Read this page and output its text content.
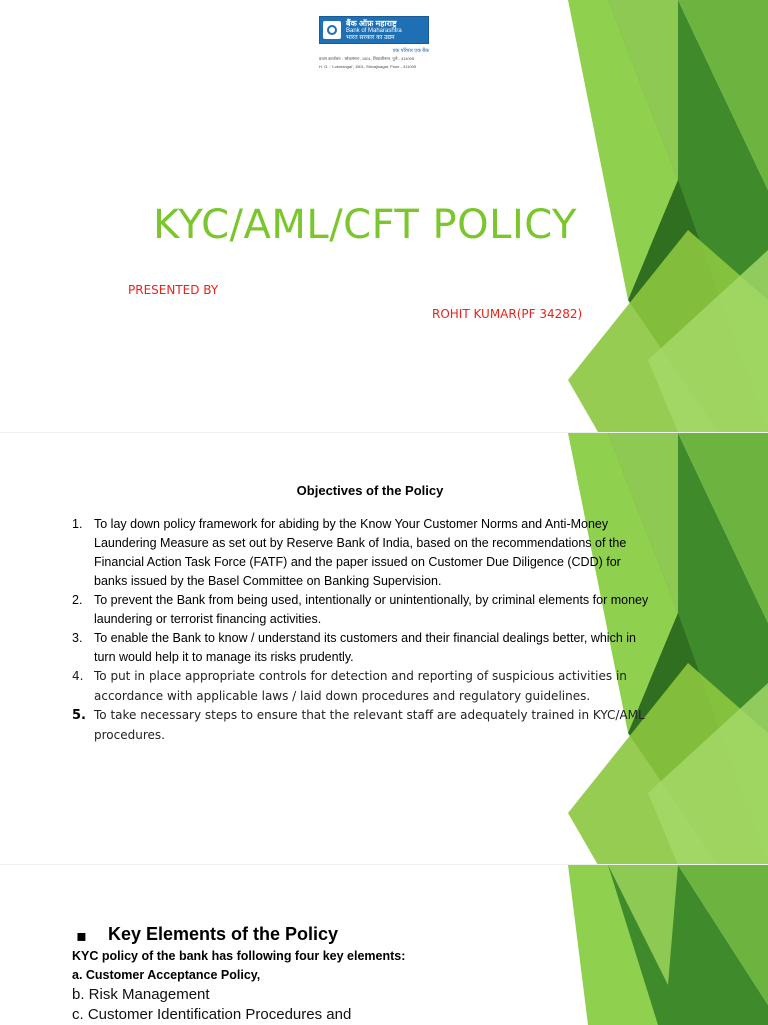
बैंक ऑफ़ महाराष्ट्र
Bank of Maharashtra
भारत सरकार का उद्यम
एक परिवार एक बैंक
प्रधान कार्यालय : 'लोकमंगल', 1501, शिवाजीनगर, पुणे - 411005
H. O. : 'Lokmangal', 1501, Shivajinagar, Pune - 411005
KYC/AML/CFT POLICY
PRESENTED BY
ROHIT KUMAR(PF 34282)
Objectives of the Policy
1. To lay down policy framework for abiding by the Know Your Customer Norms and Anti-Money Laundering Measure as set out by Reserve Bank of India, based on the recommendations of the Financial Action Task Force (FATF) and the paper issued on Customer Due Diligence (CDD) for banks issued by the Basel Committee on Banking Supervision.
2. To prevent the Bank from being used, intentionally or unintentionally, by criminal elements for money laundering or terrorist financing activities.
3. To enable the Bank to know / understand its customers and their financial dealings better, which in turn would help it to manage its risks prudently.
4. To put in place appropriate controls for detection and reporting of suspicious activities in accordance with applicable laws / laid down procedures and regulatory guidelines.
5. To take necessary steps to ensure that the relevant staff are adequately trained in KYC/AML procedures.
▪ Key Elements of the Policy
KYC policy of the bank has following four key elements:
a. Customer Acceptance Policy,
b. Risk Management
c. Customer Identification Procedures and
